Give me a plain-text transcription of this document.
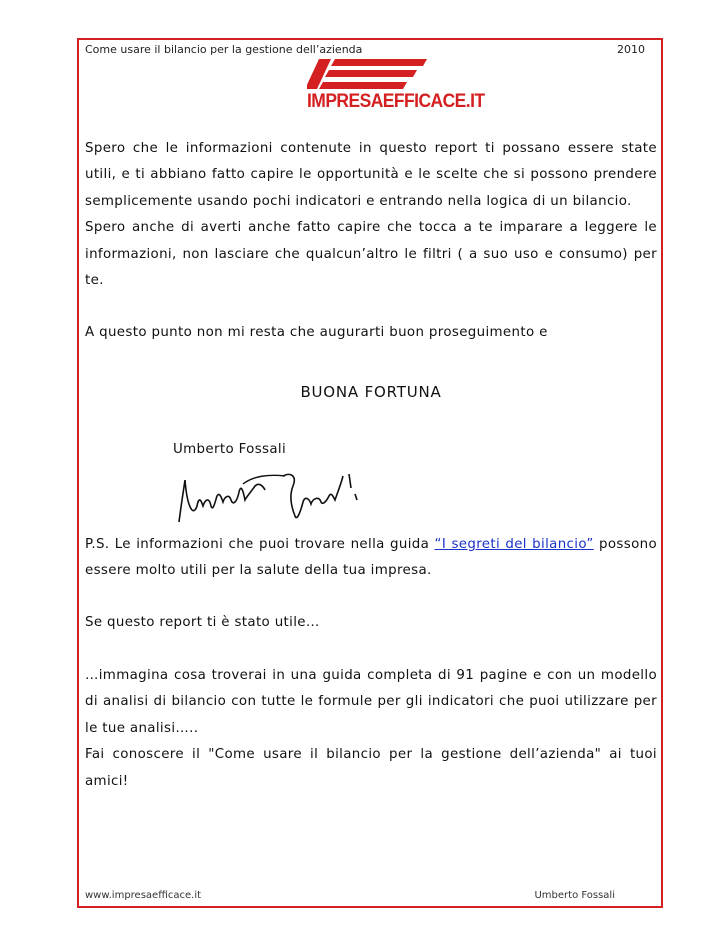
Come usare il bilancio per la gestione dell’azienda	2010
IMPRESAEFFICACE.IT

Spero che le informazioni contenute in questo report ti possano essere state utili, e ti abbiano fatto capire le opportunità e le scelte che si possono prendere semplicemente usando pochi indicatori e entrando nella logica di un bilancio.

Spero anche di averti anche fatto capire che tocca a te imparare a leggere le informazioni, non lasciare che qualcun’altro le filtri ( a suo uso e consumo) per te.

A questo punto non mi resta che augurarti buon proseguimento e

BUONA FORTUNA
Umberto Fossali

P.S. Le informazioni che puoi trovare nella guida “I segreti del bilancio” possono essere molto utili per la salute della tua impresa.

Se questo report ti è stato utile…

…immagina cosa troverai in una guida completa di 91 pagine e con un modello di analisi di bilancio con tutte le formule per gli indicatori che puoi utilizzare per le tue analisi…..

Fai conoscere il "Come usare il bilancio per la gestione dell’azienda" ai tuoi amici!

www.impresaefficace.it	Umberto Fossali
